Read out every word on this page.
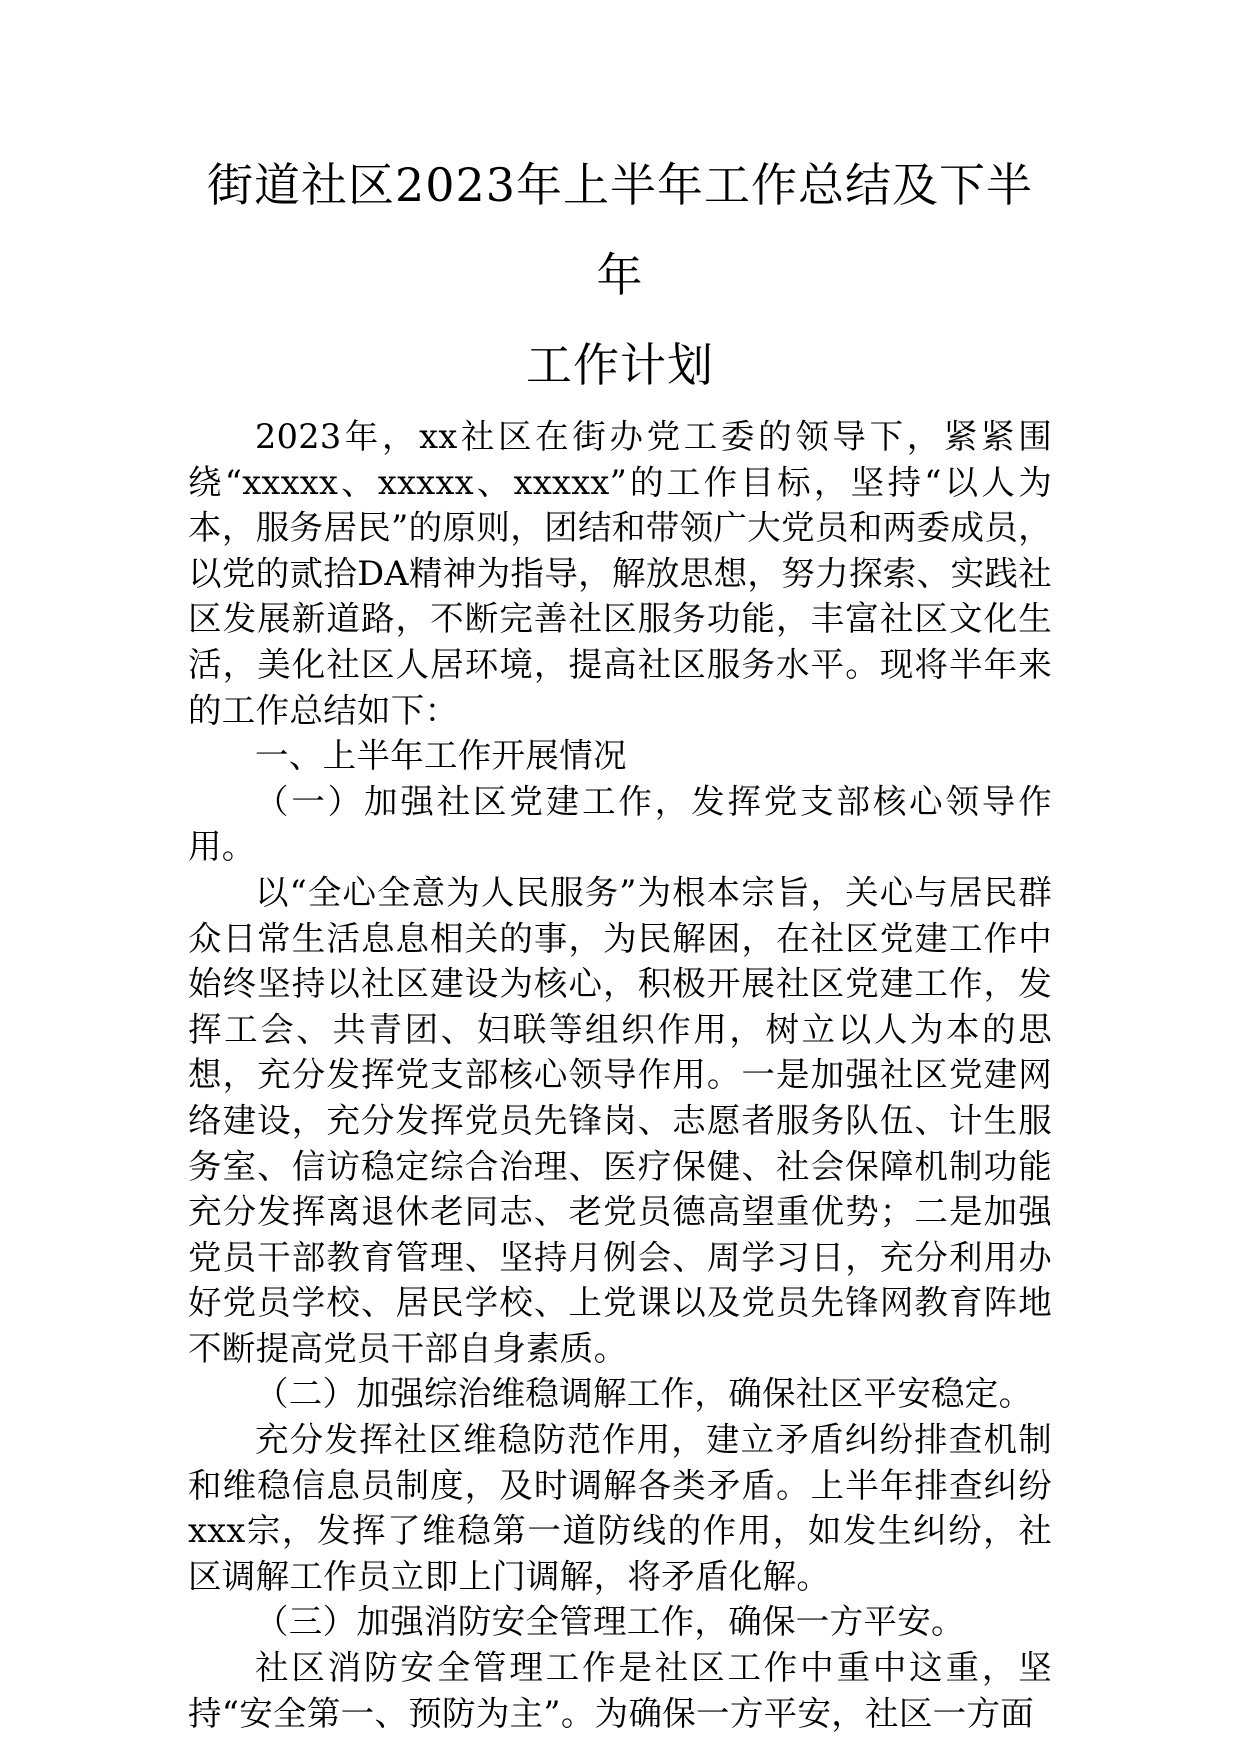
街道社区2023年上半年工作总结及下半年
工作计划

2023年，xx社区在街办党工委的领导下，紧紧围绕“xxxxx、xxxxx、xxxxx”的工作目标，坚持“以人为本，服务居民”的原则，团结和带领广大党员和两委成员，以党的贰拾DA精神为指导，解放思想，努力探索、实践社区发展新道路，不断完善社区服务功能，丰富社区文化生活，美化社区人居环境，提高社区服务水平。现将半年来的工作总结如下：

一、上半年工作开展情况

（一）加强社区党建工作，发挥党支部核心领导作用。

以“全心全意为人民服务”为根本宗旨，关心与居民群众日常生活息息相关的事，为民解困，在社区党建工作中始终坚持以社区建设为核心，积极开展社区党建工作，发挥工会、共青团、妇联等组织作用，树立以人为本的思想，充分发挥党支部核心领导作用。一是加强社区党建网络建设，充分发挥党员先锋岗、志愿者服务队伍、计生服务室、信访稳定综合治理、医疗保健、社会保障机制功能充分发挥离退休老同志、老党员德高望重优势；二是加强党员干部教育管理、坚持月例会、周学习日，充分利用办好党员学校、居民学校、上党课以及党员先锋网教育阵地不断提高党员干部自身素质。

（二）加强综治维稳调解工作，确保社区平安稳定。

充分发挥社区维稳防范作用，建立矛盾纠纷排查机制和维稳信息员制度，及时调解各类矛盾。上半年排查纠纷xxx宗，发挥了维稳第一道防线的作用，如发生纠纷，社区调解工作员立即上门调解，将矛盾化解。

（三）加强消防安全管理工作，确保一方平安。

社区消防安全管理工作是社区工作中重中这重，坚持“安全第一、预防为主”。为确保一方平安，社区一方面
